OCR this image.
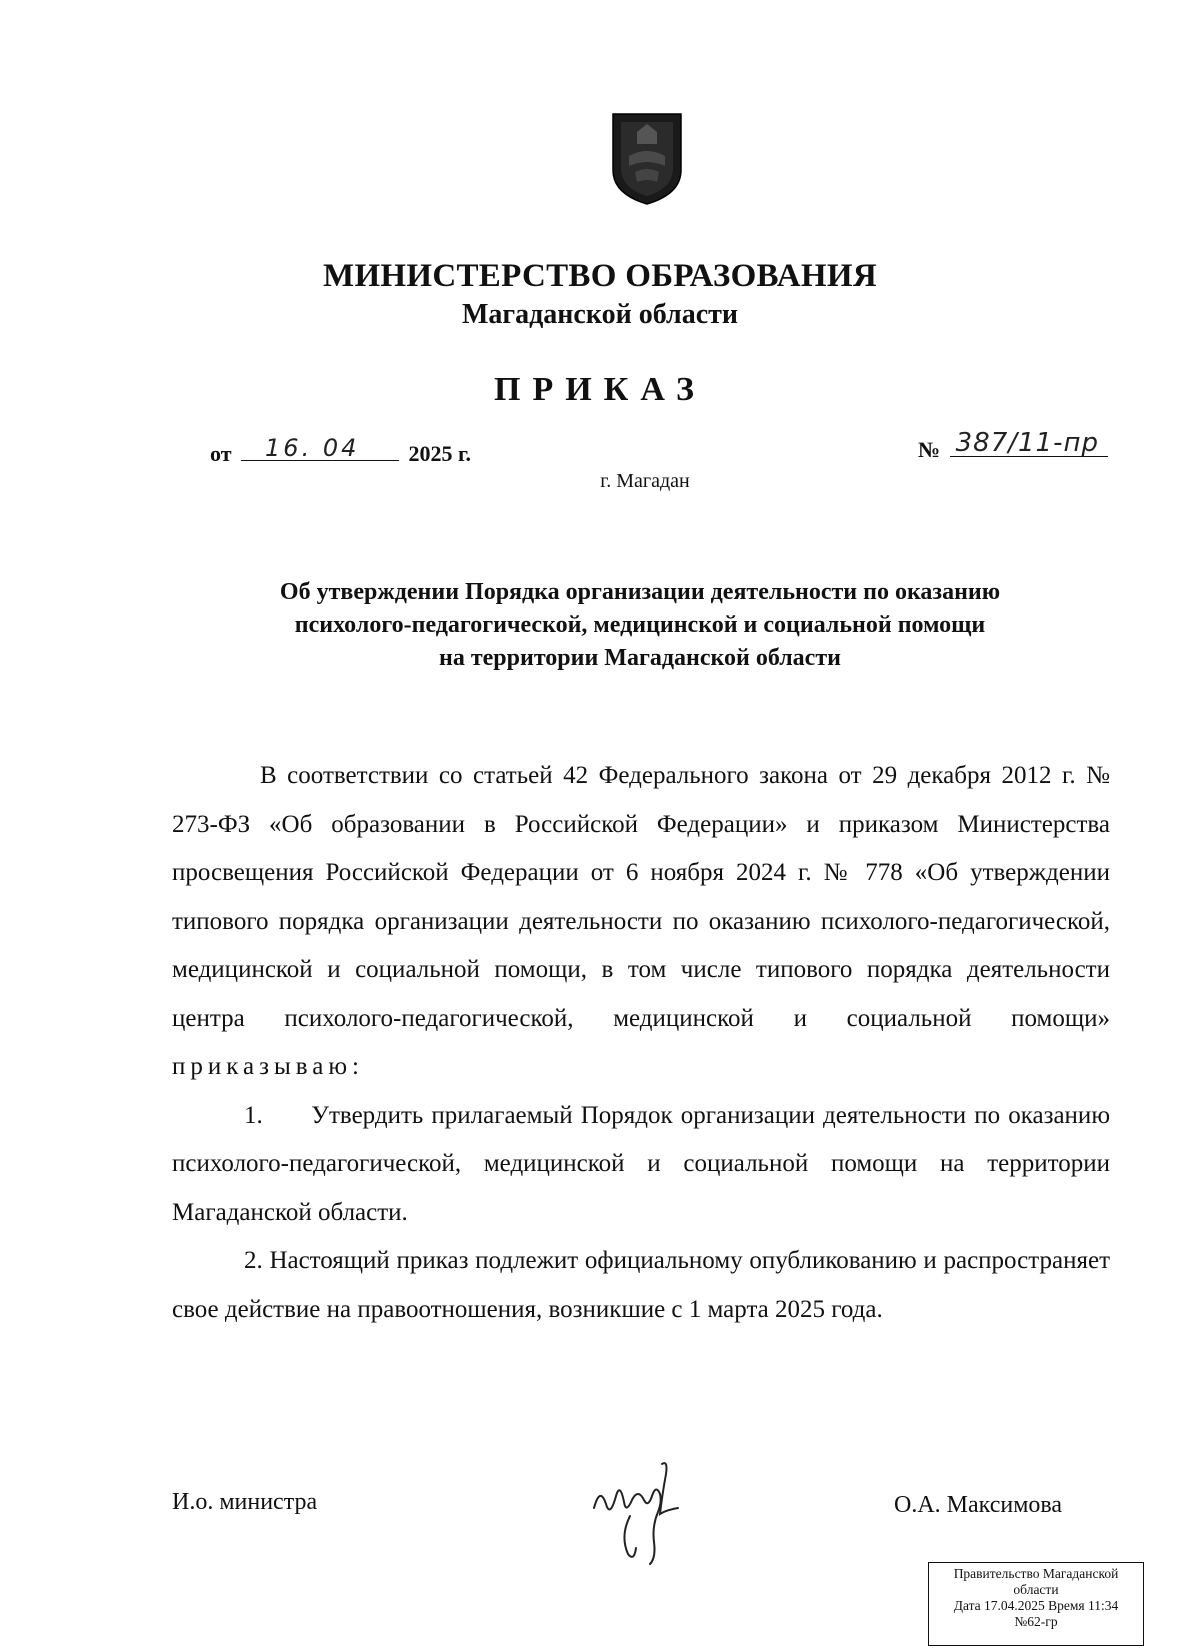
МИНИСТЕРСТВО ОБРАЗОВАНИЯ
Магаданской области
ПРИКАЗ
от 16. 04 2025 г.	№ 387/11-пр
г. Магадан
Об утверждении Порядка организации деятельности по оказанию
психолого-педагогической, медицинской и социальной помощи
на территории Магаданской области

В соответствии со статьей 42 Федерального закона от 29 декабря 2012 г. № 273-ФЗ «Об образовании в Российской Федерации» и приказом Министерства просвещения Российской Федерации от 6 ноября 2024 г. № 778 «Об утверждении типового порядка организации деятельности по оказанию психолого-педагогической, медицинской и социальной помощи, в том числе типового порядка деятельности центра психолого-педагогической, медицинской и социальной помощи» приказываю:

1. Утвердить прилагаемый Порядок организации деятельности по оказанию психолого-педагогической, медицинской и социальной помощи на территории Магаданской области.

2. Настоящий приказ подлежит официальному опубликованию и распространяет свое действие на правоотношения, возникшие с 1 марта 2025 года.

И.о. министра	О.А. Максимова
Правительство Магаданской
области
Дата 17.04.2025 Время 11:34
№62-гр
